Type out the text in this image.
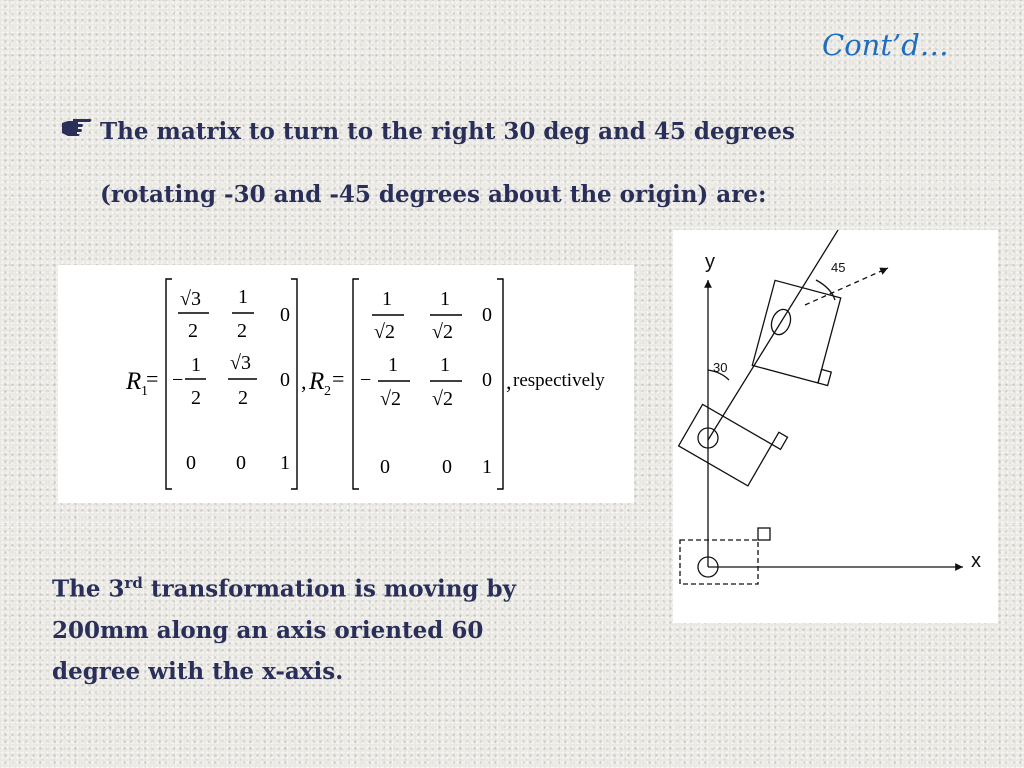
Cont’d…
The matrix to turn to the right 30 deg and 45 degrees
(rotating -30 and -45 degrees about the origin) are:
R 1
=
√3
2
1
2
0
−
1
2
√3
2
0
0 0 1
, R 2
=
1
√2
1
√2
0
−
1
√2
1
√2
0
0	0 1
, respectively
y
x
30
45
The 3rd transformation is moving by
200mm along an axis oriented 60
degree with the x-axis.
